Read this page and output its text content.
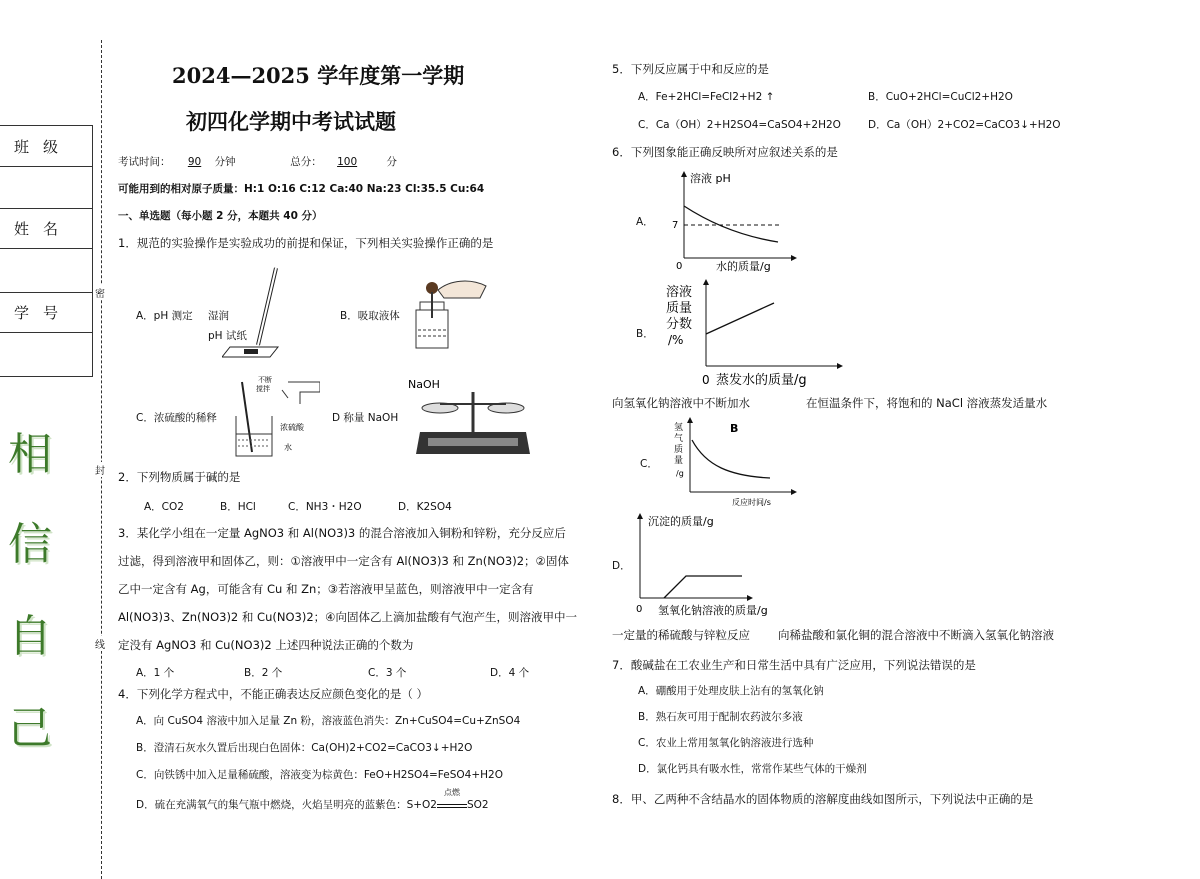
班级
姓名
学号
密
封
线
相
信
自
己
2024—2025 学年度第一学期
初四化学期中考试试题
考试时间： 90 分钟	总分： 100	分
可能用到的相对原子质量：H:1 O:16 C:12 Ca:40 Na:23 Cl:35.5 Cu:64
一、单选题（每小题 2 分，本题共 40 分）
1．规范的实验操作是实验成功的前提和保证，下列相关实验操作正确的是
A．pH 测定 湿润
pH 试纸
B．吸取液体
C．浓硫酸的稀释
不断
搅拌
浓硫酸
水
D 称量 NaOH
NaOH
2．下列物质属于碱的是
A．CO2	B．HCl	C．NH3・H2O	D．K2SO4
3．某化学小组在一定量 AgNO3 和 Al(NO3)3 的混合溶液加入铜粉和锌粉，充分反应后
过滤，得到溶液甲和固体乙，则：①溶液甲中一定含有 Al(NO3)3 和 Zn(NO3)2；②固体
乙中一定含有 Ag，可能含有 Cu 和 Zn；③若溶液甲呈蓝色，则溶液甲中一定含有
Al(NO3)3、Zn(NO3)2 和 Cu(NO3)2；④向固体乙上滴加盐酸有气泡产生，则溶液甲中一
定没有 AgNO3 和 Cu(NO3)2 上述四种说法正确的个数为
A．1 个	B．2 个	C．3 个	D．4 个
4．下列化学方程式中，不能正确表达反应颜色变化的是（ ）
A．向 CuSO4 溶液中加入足量 Zn 粉，溶液蓝色消失：Zn+CuSO4=Cu+ZnSO4
B．澄清石灰水久置后出现白色固体：Ca(OH)2+CO2=CaCO3↓+H2O
C．向铁锈中加入足量稀硫酸，溶液变为棕黄色：FeO+H2SO4=FeSO4+H2O
D．硫在充满氧气的集气瓶中燃烧，火焰呈明亮的蓝紫色：S+O2
点燃
SO2
5．下列反应属于中和反应的是
A．Fe+2HCl=FeCl2+H2 ↑	B．CuO+2HCl=CuCl2+H2O
C．Ca（OH）2+H2SO4=CaSO4+2H2O	D．Ca（OH）2+CO2=CaCO3↓+H2O
6．下列图象能正确反映所对应叙述关系的是
A．
溶液 pH
7
0	水的质量/g
B．
溶液
质量
分数
/%
0 蒸发水的质量/g
向氢氧化钠溶液中不断加水	在恒温条件下，将饱和的 NaCl 溶液蒸发适量水
C．
B
氢
气
质
量
/g
反应时间/s
D．
沉淀的质量/g
0 氢氧化钠溶液的质量/g
一定量的稀硫酸与锌粒反应 向稀盐酸和氯化铜的混合溶液中不断滴入氢氧化钠溶液
7．酸碱盐在工农业生产和日常生活中具有广泛应用，下列说法错误的是
A．硼酸用于处理皮肤上沾有的氢氧化钠
B．熟石灰可用于配制农药波尔多液
C．农业上常用氢氧化钠溶液进行选种
D．氯化钙具有吸水性，常常作某些气体的干燥剂
8．甲、乙两种不含结晶水的固体物质的溶解度曲线如图所示，下列说法中正确的是
